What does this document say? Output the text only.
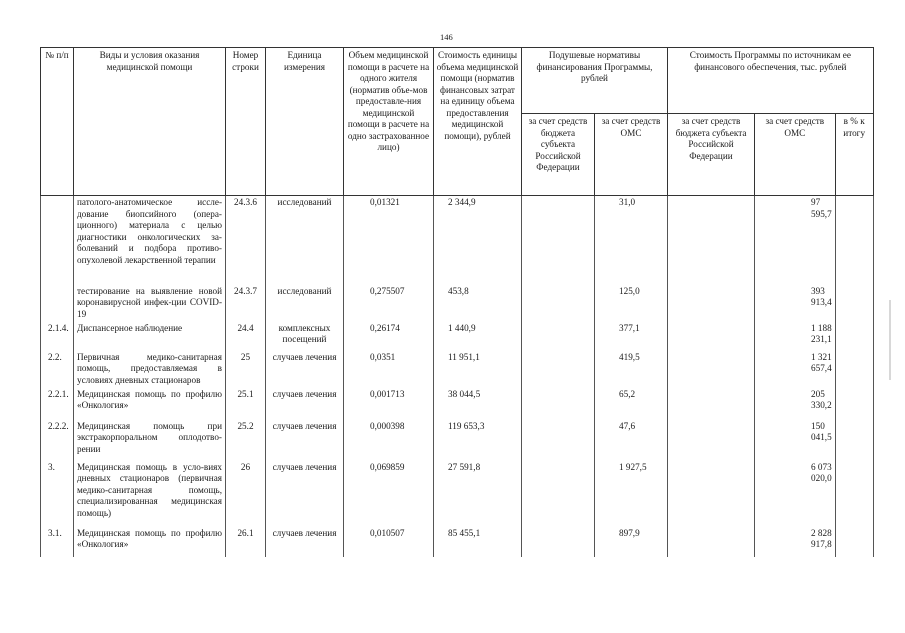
146
№ п/п	Виды и условия оказания медицинской помощи	Номер строки	Единица измерения	Объем медицинской помощи в расчете на одного жителя (норматив объе-мов предоставле-ния медицинской помощи в расчете на одно застрахованное лицо)	Стоимость единицы объема медицинской помощи (норматив финансовых затрат на единицу объема предоставления медицинской помощи), рублей	Подушевые нормативы финансирования Программы, рублей		Стоимость Программы по источникам ее финансового обеспечения, тыс. рублей		
						за счет средств бюджета субъекта Российской Федерации	за счет средств ОМС	за счет средств бюджета субъекта Российской Федерации	за счет средств ОМС	в % к итогу
	патолого-анатомическое иссле-дование биопсийного (опера-ционного) материала с целью диагностики онкологических за-болеваний и подбора противо-опухолевой лекарственной терапии	24.3.6	исследований	0,01321	2 344,9		31,0		97 595,7	
	тестирование на выявление новой коронавирусной инфек-ции COVID-19	24.3.7	исследований	0,275507	453,8		125,0		393 913,4	
2.1.4.	Диспансерное наблюдение	24.4	комплексных посещений	0,26174	1 440,9		377,1		1 188 231,1	
2.2.	Первичная медико-санитарная помощь, предоставляемая в условиях дневных стационаров	25	случаев лечения	0,0351	11 951,1		419,5		1 321 657,4	
2.2.1.	Медицинская помощь по профилю «Онкология»	25.1	случаев лечения	0,001713	38 044,5		65,2		205 330,2	
2.2.2.	Медицинская помощь при экстракорпоральном оплодотво-рении	25.2	случаев лечения	0,000398	119 653,3		47,6		150 041,5	
3.	Медицинская помощь в усло-виях дневных стационаров (первичная медико-санитарная помощь, специализированная медицинская помощь)	26	случаев лечения	0,069859	27 591,8		1 927,5		6 073 020,0	
3.1.	Медицинская помощь по профилю «Онкология»	26.1	случаев лечения	0,010507	85 455,1		897,9		2 828 917,8	
